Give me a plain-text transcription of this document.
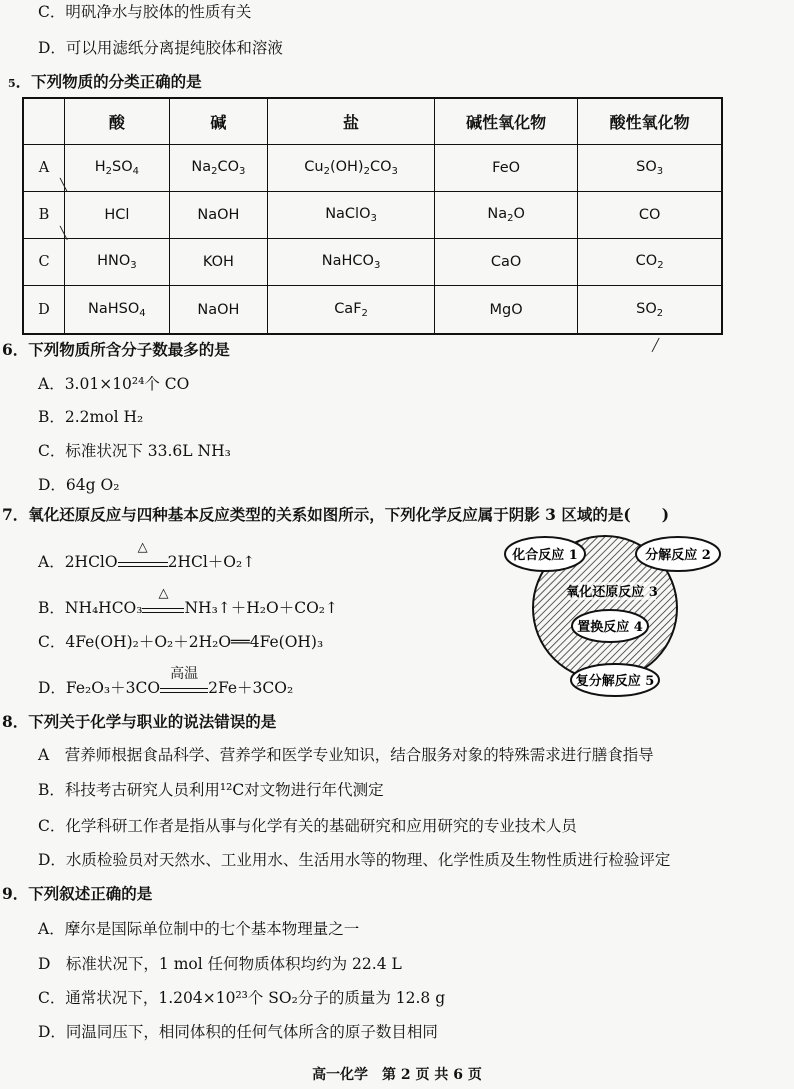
C．明矾净水与胶体的性质有关
D．可以用滤纸分离提纯胶体和溶液
5．下列物质的分类正确的是
	酸	碱	盐	碱性氧化物	酸性氧化物
A	$H_2SO_4$	$Na_2CO_3$	$Cu_2(OH)_2CO_3$	FeO	$SO_3$
B	HCl	NaOH	NaClO$_3$	$Na_2O$	CO
C	$HNO_3$	KOH	NaHCO$_3$	CaO	$CO_2$
D	NaHSO$_4$	NaOH	CaF$_2$	MgO	$SO_2$
╲
╲
╱
6．下列物质所含分子数最多的是
A．3.01×10²⁴个 CO
B．2.2mol H₂
C．标准状况下 33.6L NH₃
D．64g O₂
7．氧化还原反应与四种基本反应类型的关系如图所示，下列化学反应属于阴影 3 区域的是(　　)
A．2HClO
△
2HCl＋O₂↑
B．NH₄HCO₃
△
NH₃↑＋H₂O＋CO₂↑
C．4Fe(OH)₂＋O₂＋2H₂O══4Fe(OH)₃
D．Fe₂O₃＋3CO
高温
2Fe＋3CO₂
化合反应 1	分解反应 2
氧化还原反应 3
置换反应 4
复分解反应 5
8．下列关于化学与职业的说法错误的是
A　营养师根据食品科学、营养学和医学专业知识，结合服务对象的特殊需求进行膳食指导
B．科技考古研究人员利用¹²C对文物进行年代测定
C．化学科研工作者是指从事与化学有关的基础研究和应用研究的专业技术人员
D．水质检验员对天然水、工业用水、生活用水等的物理、化学性质及生物性质进行检验评定
9．下列叙述正确的是
A．摩尔是国际单位制中的七个基本物理量之一
D　标准状况下，1 mol 任何物质体积均约为 22.4 L
C．通常状况下，1.204×10²³个 SO₂分子的质量为 12.8 g
D．同温同压下，相同体积的任何气体所含的原子数目相同
高一化学　第 2 页 共 6 页
